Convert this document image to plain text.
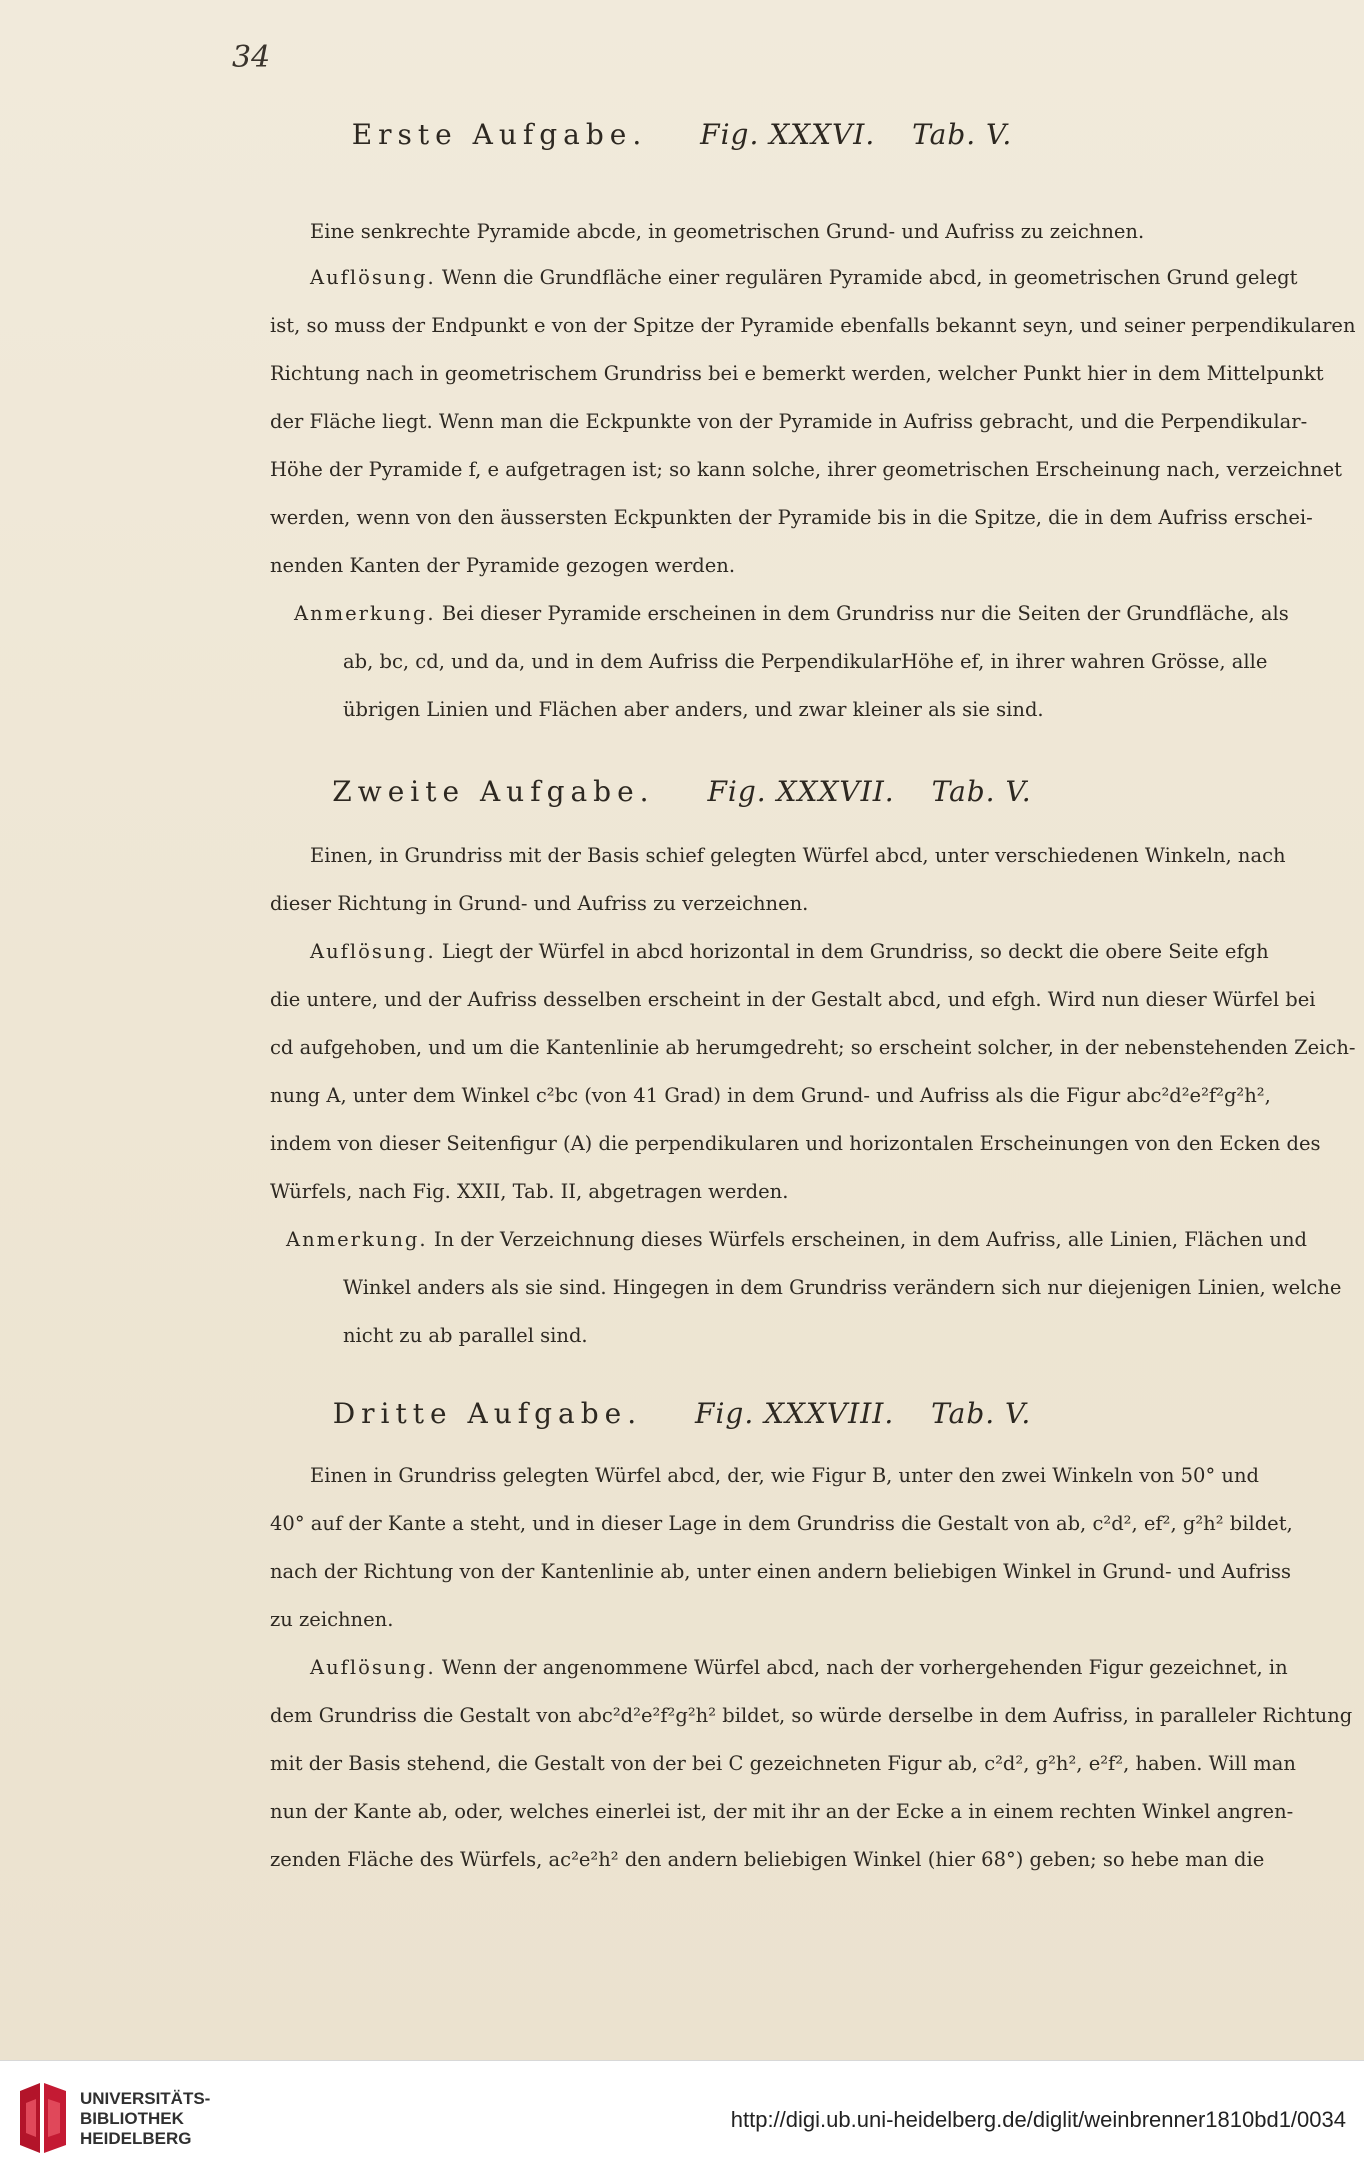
34
Erste Aufgabe. Fig. XXXVI. Tab. V.
Eine senkrechte Pyramide abcde, in geometrischen Grund- und Aufriss zu zeichnen.
Auflösung. Wenn die Grundfläche einer regulären Pyramide abcd, in geometrischen Grund gelegt
ist, so muss der Endpunkt e von der Spitze der Pyramide ebenfalls bekannt seyn, und seiner perpendikularen
Richtung nach in geometrischem Grundriss bei e bemerkt werden, welcher Punkt hier in dem Mittelpunkt
der Fläche liegt. Wenn man die Eckpunkte von der Pyramide in Aufriss gebracht, und die Perpendikular-
Höhe der Pyramide f, e aufgetragen ist; so kann solche, ihrer geometrischen Erscheinung nach, verzeichnet
werden, wenn von den äussersten Eckpunkten der Pyramide bis in die Spitze, die in dem Aufriss erschei-
nenden Kanten der Pyramide gezogen werden.
Anmerkung. Bei dieser Pyramide erscheinen in dem Grundriss nur die Seiten der Grundfläche, als
ab, bc, cd, und da, und in dem Aufriss die PerpendikularHöhe ef, in ihrer wahren Grösse, alle
übrigen Linien und Flächen aber anders, und zwar kleiner als sie sind.
Zweite Aufgabe. Fig. XXXVII. Tab. V.
Einen, in Grundriss mit der Basis schief gelegten Würfel abcd, unter verschiedenen Winkeln, nach
dieser Richtung in Grund- und Aufriss zu verzeichnen.
Auflösung. Liegt der Würfel in abcd horizontal in dem Grundriss, so deckt die obere Seite efgh
die untere, und der Aufriss desselben erscheint in der Gestalt abcd, und efgh. Wird nun dieser Würfel bei
cd aufgehoben, und um die Kantenlinie ab herumgedreht; so erscheint solcher, in der nebenstehenden Zeich-
nung A, unter dem Winkel c²bc (von 41 Grad) in dem Grund- und Aufriss als die Figur abc²d²e²f²g²h²,
indem von dieser Seitenfigur (A) die perpendikularen und horizontalen Erscheinungen von den Ecken des
Würfels, nach Fig. XXII, Tab. II, abgetragen werden.
Anmerkung. In der Verzeichnung dieses Würfels erscheinen, in dem Aufriss, alle Linien, Flächen und
Winkel anders als sie sind. Hingegen in dem Grundriss verändern sich nur diejenigen Linien, welche
nicht zu ab parallel sind.
Dritte Aufgabe. Fig. XXXVIII. Tab. V.
Einen in Grundriss gelegten Würfel abcd, der, wie Figur B, unter den zwei Winkeln von 50° und
40° auf der Kante a steht, und in dieser Lage in dem Grundriss die Gestalt von ab, c²d², ef², g²h² bildet,
nach der Richtung von der Kantenlinie ab, unter einen andern beliebigen Winkel in Grund- und Aufriss
zu zeichnen.
Auflösung. Wenn der angenommene Würfel abcd, nach der vorhergehenden Figur gezeichnet, in
dem Grundriss die Gestalt von abc²d²e²f²g²h² bildet, so würde derselbe in dem Aufriss, in paralleler Richtung
mit der Basis stehend, die Gestalt von der bei C gezeichneten Figur ab, c²d², g²h², e²f², haben. Will man
nun der Kante ab, oder, welches einerlei ist, der mit ihr an der Ecke a in einem rechten Winkel angren-
zenden Fläche des Würfels, ac²e²h² den andern beliebigen Winkel (hier 68°) geben; so hebe man die
UNIVERSITÄTS-
BIBLIOTHEK
HEIDELBERG
http://digi.ub.uni-heidelberg.de/diglit/weinbrenner1810bd1/0034
